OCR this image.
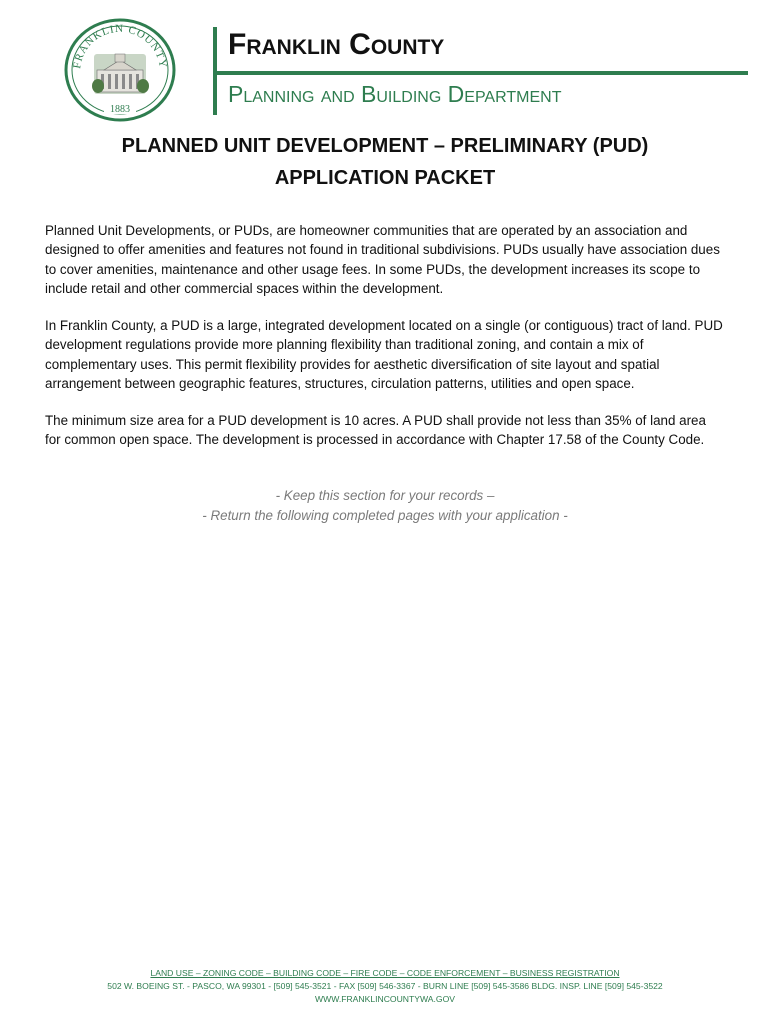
FRANKLIN COUNTY
1883
Franklin County
Planning and Building Department
PLANNED UNIT DEVELOPMENT – PRELIMINARY (PUD)
APPLICATION PACKET

Planned Unit Developments, or PUDs, are homeowner communities that are operated by an association and designed to offer amenities and features not found in traditional subdivisions. PUDs usually have association dues to cover amenities, maintenance and other usage fees. In some PUDs, the development increases its scope to include retail and other commercial spaces within the development.

In Franklin County, a PUD is a large, integrated development located on a single (or contiguous) tract of land. PUD development regulations provide more planning flexibility than traditional zoning, and contain a mix of complementary uses. This permit flexibility provides for aesthetic diversification of site layout and spatial arrangement between geographic features, structures, circulation patterns, utilities and open space.

The minimum size area for a PUD development is 10 acres. A PUD shall provide not less than 35% of land area for common open space. The development is processed in accordance with Chapter 17.58 of the County Code.

- Keep this section for your records –
- Return the following completed pages with your application -
LAND USE – ZONING CODE – BUILDING CODE – FIRE CODE – CODE ENFORCEMENT – BUSINESS REGISTRATION
502 W. BOEING ST. - PASCO, WA 99301 - [509] 545-3521 - FAX [509] 546-3367 - BURN LINE [509] 545-3586 BLDG. INSP. LINE [509] 545-3522
WWW.FRANKLINCOUNTYWA.GOV
